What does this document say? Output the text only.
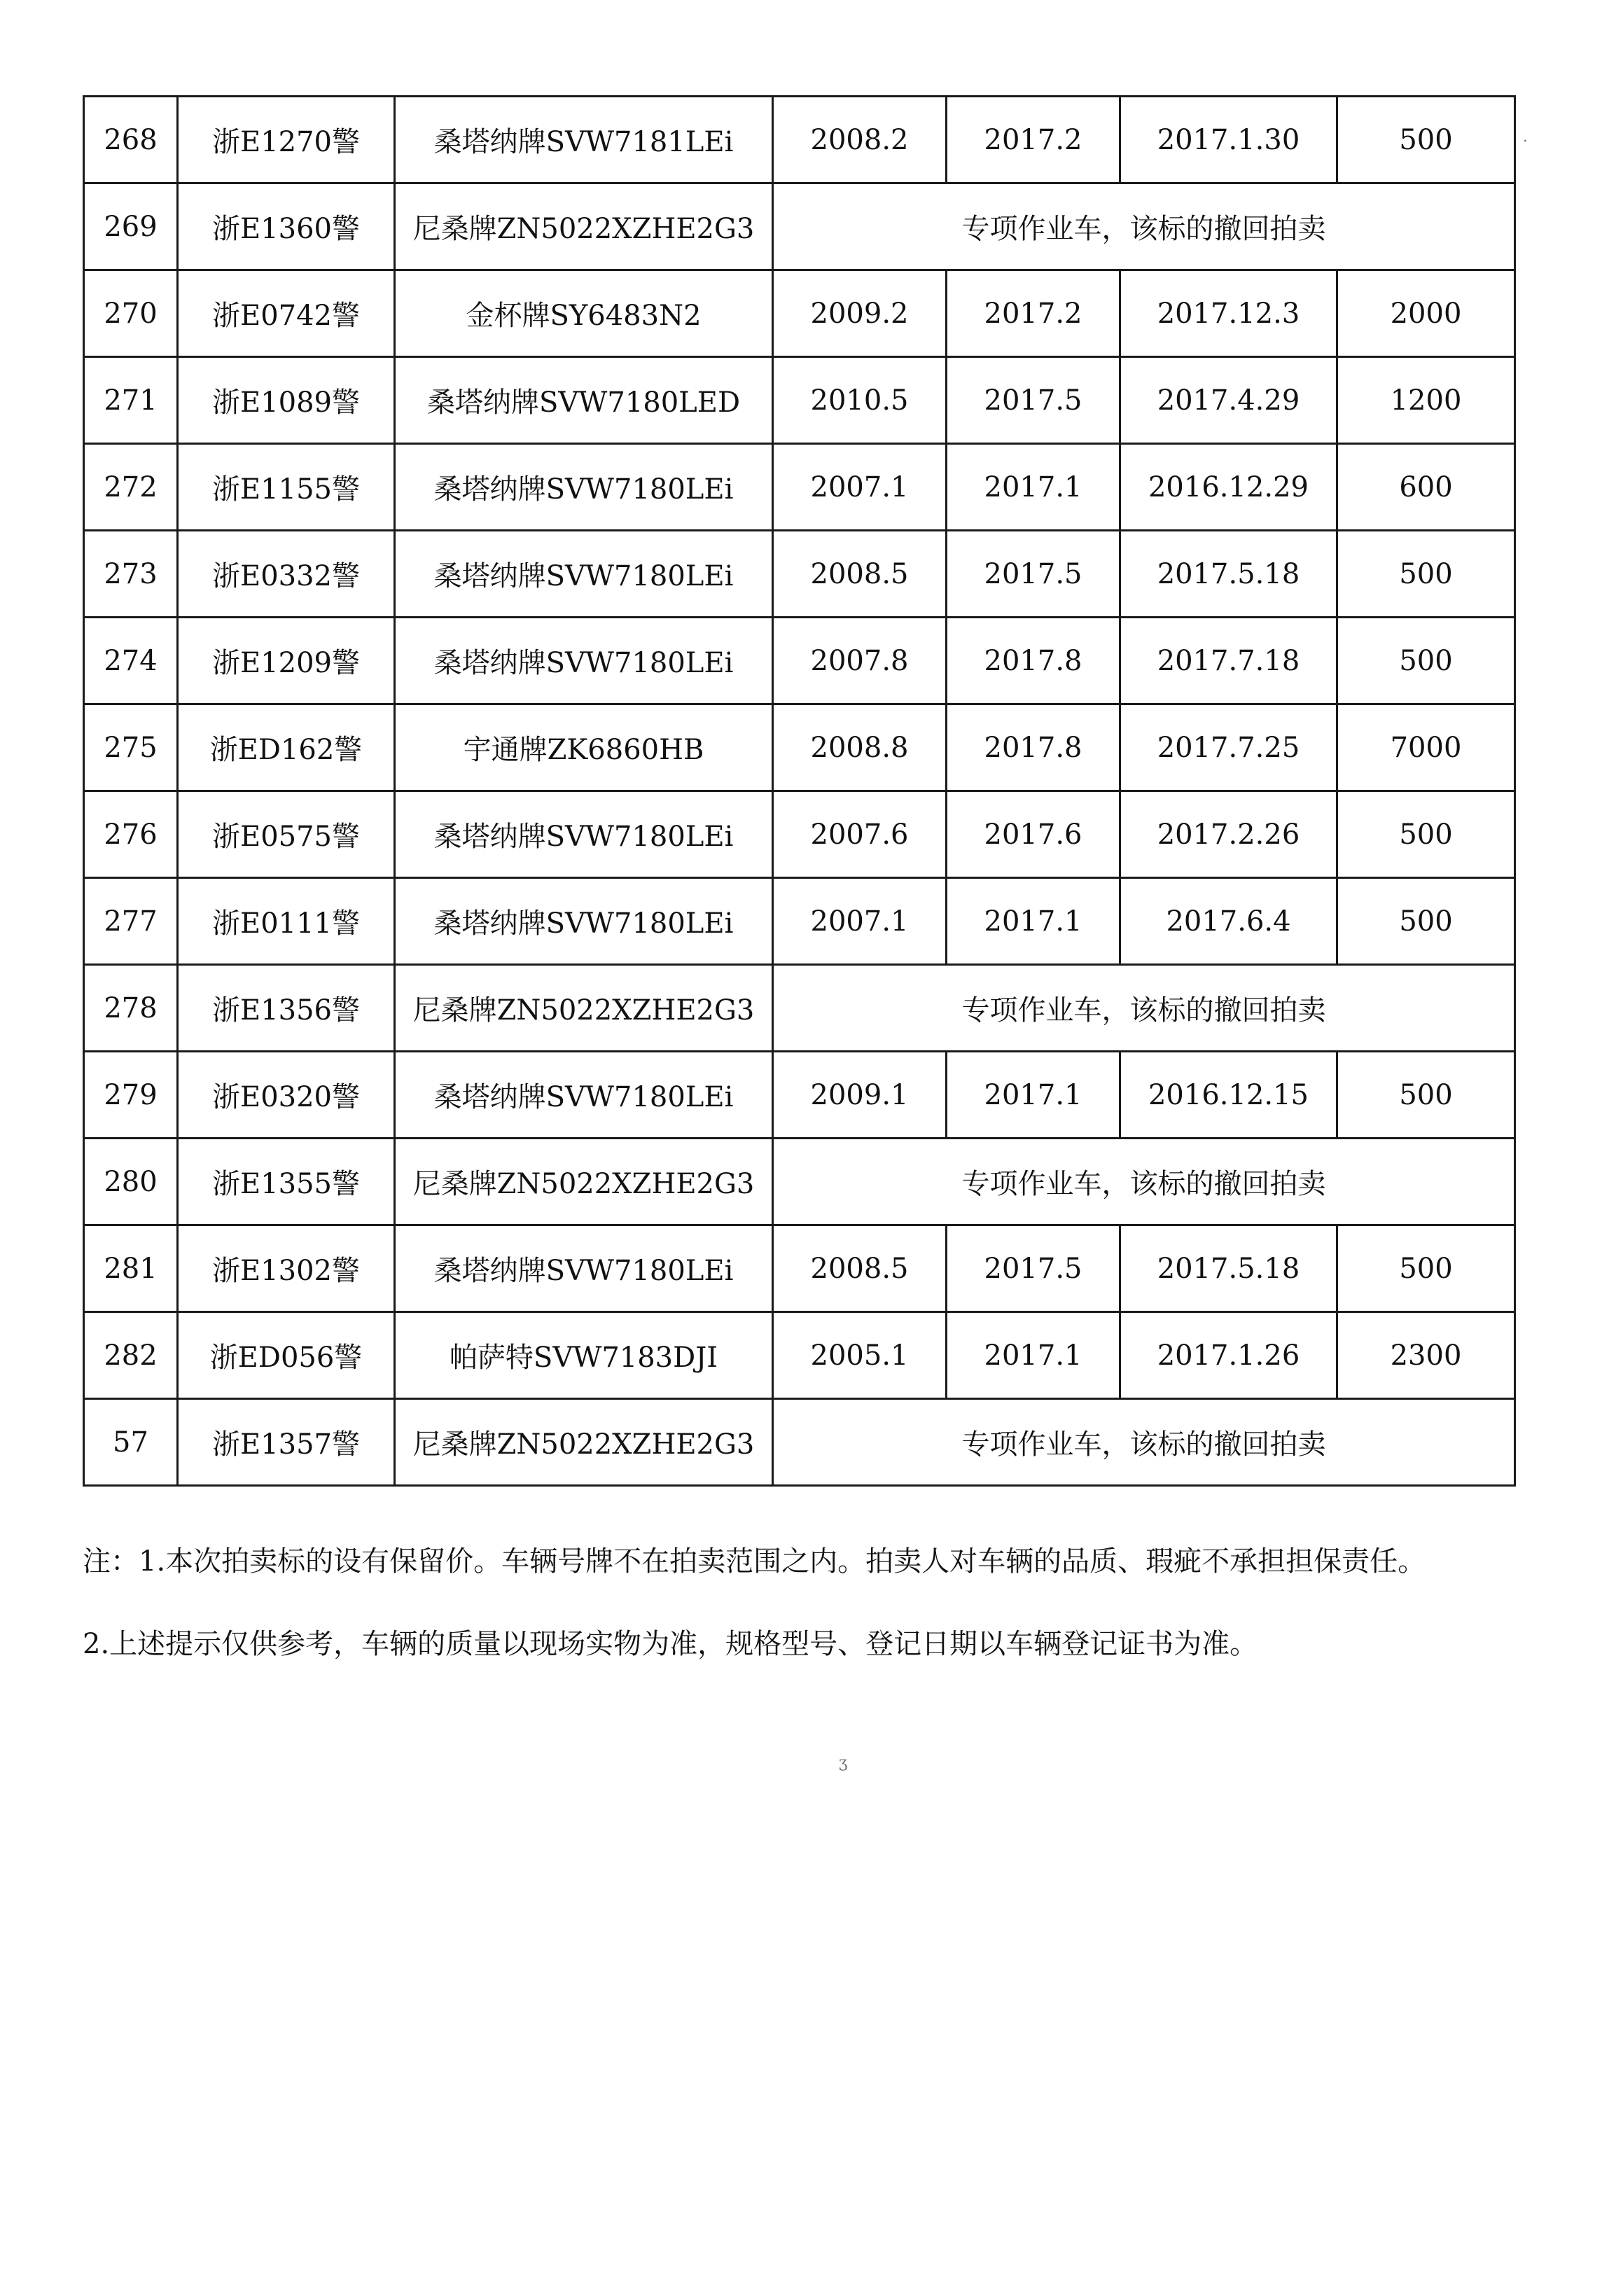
268	浙E1270警	桑塔纳牌SVW7181LEi	2008.2	2017.2	2017.1.30	500
269	浙E1360警	尼桑牌ZN5022XZHE2G3	专项作业车，该标的撤回拍卖			
270	浙E0742警	金杯牌SY6483N2	2009.2	2017.2	2017.12.3	2000
271	浙E1089警	桑塔纳牌SVW7180LED	2010.5	2017.5	2017.4.29	1200
272	浙E1155警	桑塔纳牌SVW7180LEi	2007.1	2017.1	2016.12.29	600
273	浙E0332警	桑塔纳牌SVW7180LEi	2008.5	2017.5	2017.5.18	500
274	浙E1209警	桑塔纳牌SVW7180LEi	2007.8	2017.8	2017.7.18	500
275	浙ED162警	宇通牌ZK6860HB	2008.8	2017.8	2017.7.25	7000
276	浙E0575警	桑塔纳牌SVW7180LEi	2007.6	2017.6	2017.2.26	500
277	浙E0111警	桑塔纳牌SVW7180LEi	2007.1	2017.1	2017.6.4	500
278	浙E1356警	尼桑牌ZN5022XZHE2G3	专项作业车，该标的撤回拍卖			
279	浙E0320警	桑塔纳牌SVW7180LEi	2009.1	2017.1	2016.12.15	500
280	浙E1355警	尼桑牌ZN5022XZHE2G3	专项作业车，该标的撤回拍卖			
281	浙E1302警	桑塔纳牌SVW7180LEi	2008.5	2017.5	2017.5.18	500
282	浙ED056警	帕萨特SVW7183DJI	2005.1	2017.1	2017.1.26	2300
57	浙E1357警	尼桑牌ZN5022XZHE2G3	专项作业车，该标的撤回拍卖			

注：1.本次拍卖标的设有保留价。车辆号牌不在拍卖范围之内。拍卖人对车辆的品质、瑕疵不承担担保责任。

2.上述提示仅供参考，车辆的质量以现场实物为准，规格型号、登记日期以车辆登记证书为准。

·
ʒ
